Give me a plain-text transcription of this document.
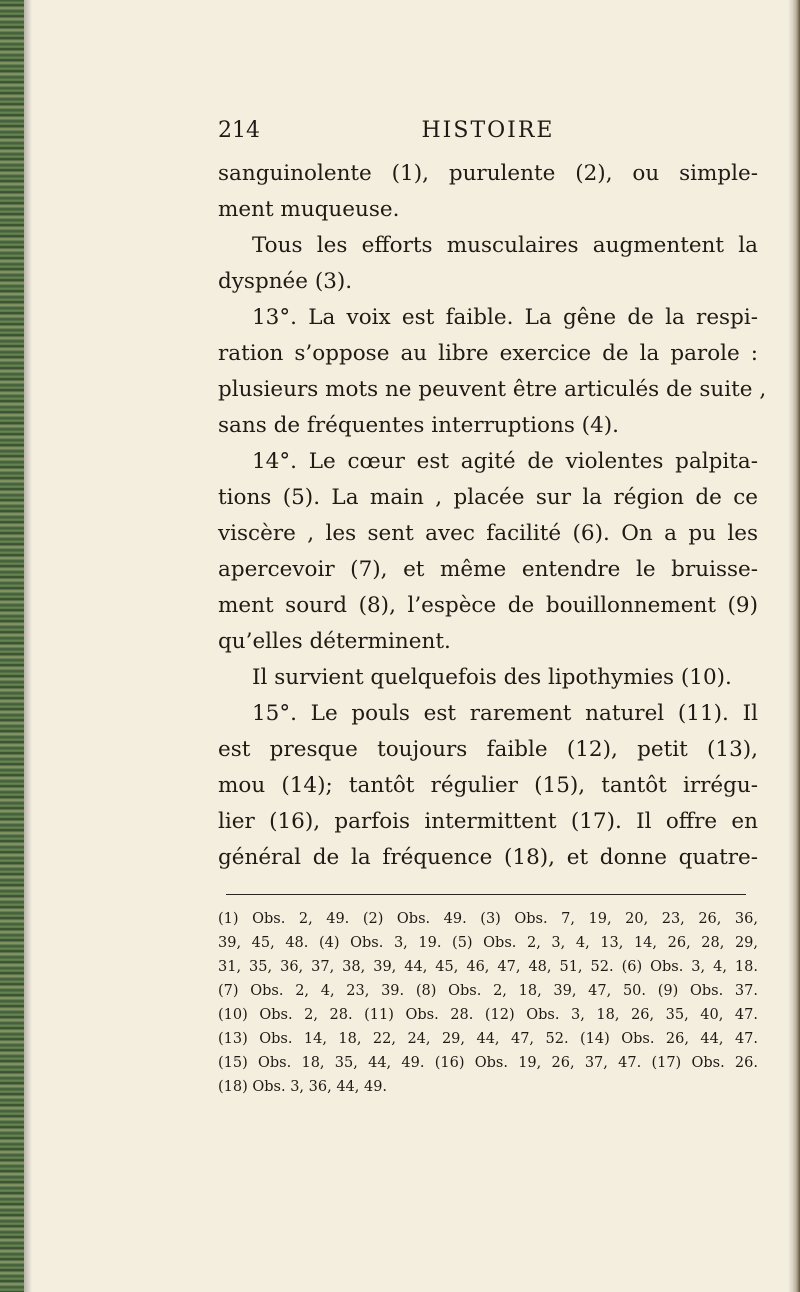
214	HISTOIRE
sanguinolente (1), purulente (2), ou simple-
ment muqueuse.
Tous les efforts musculaires augmentent la
dyspnée (3).
13°. La voix est faible. La gêne de la respi-
ration s’oppose au libre exercice de la parole :
plusieurs mots ne peuvent être articulés de suite ,
sans de fréquentes interruptions (4).
14°. Le cœur est agité de violentes palpita-
tions (5). La main , placée sur la région de ce
viscère , les sent avec facilité (6). On a pu les
apercevoir (7), et même entendre le bruisse-
ment sourd (8), l’espèce de bouillonnement (9)
qu’elles déterminent.
Il survient quelquefois des lipothymies (10).
15°. Le pouls est rarement naturel (11). Il
est presque toujours faible (12), petit (13),
mou (14); tantôt régulier (15), tantôt irrégu-
lier (16), parfois intermittent (17). Il offre en
général de la fréquence (18), et donne quatre-
(1) Obs. 2, 49. (2) Obs. 49. (3) Obs. 7, 19, 20, 23, 26, 36,
39, 45, 48. (4) Obs. 3, 19. (5) Obs. 2, 3, 4, 13, 14, 26, 28, 29,
31, 35, 36, 37, 38, 39, 44, 45, 46, 47, 48, 51, 52. (6) Obs. 3, 4, 18.
(7) Obs. 2, 4, 23, 39. (8) Obs. 2, 18, 39, 47, 50. (9) Obs. 37.
(10) Obs. 2, 28. (11) Obs. 28. (12) Obs. 3, 18, 26, 35, 40, 47.
(13) Obs. 14, 18, 22, 24, 29, 44, 47, 52. (14) Obs. 26, 44, 47.
(15) Obs. 18, 35, 44, 49. (16) Obs. 19, 26, 37, 47. (17) Obs. 26.
(18) Obs. 3, 36, 44, 49.
